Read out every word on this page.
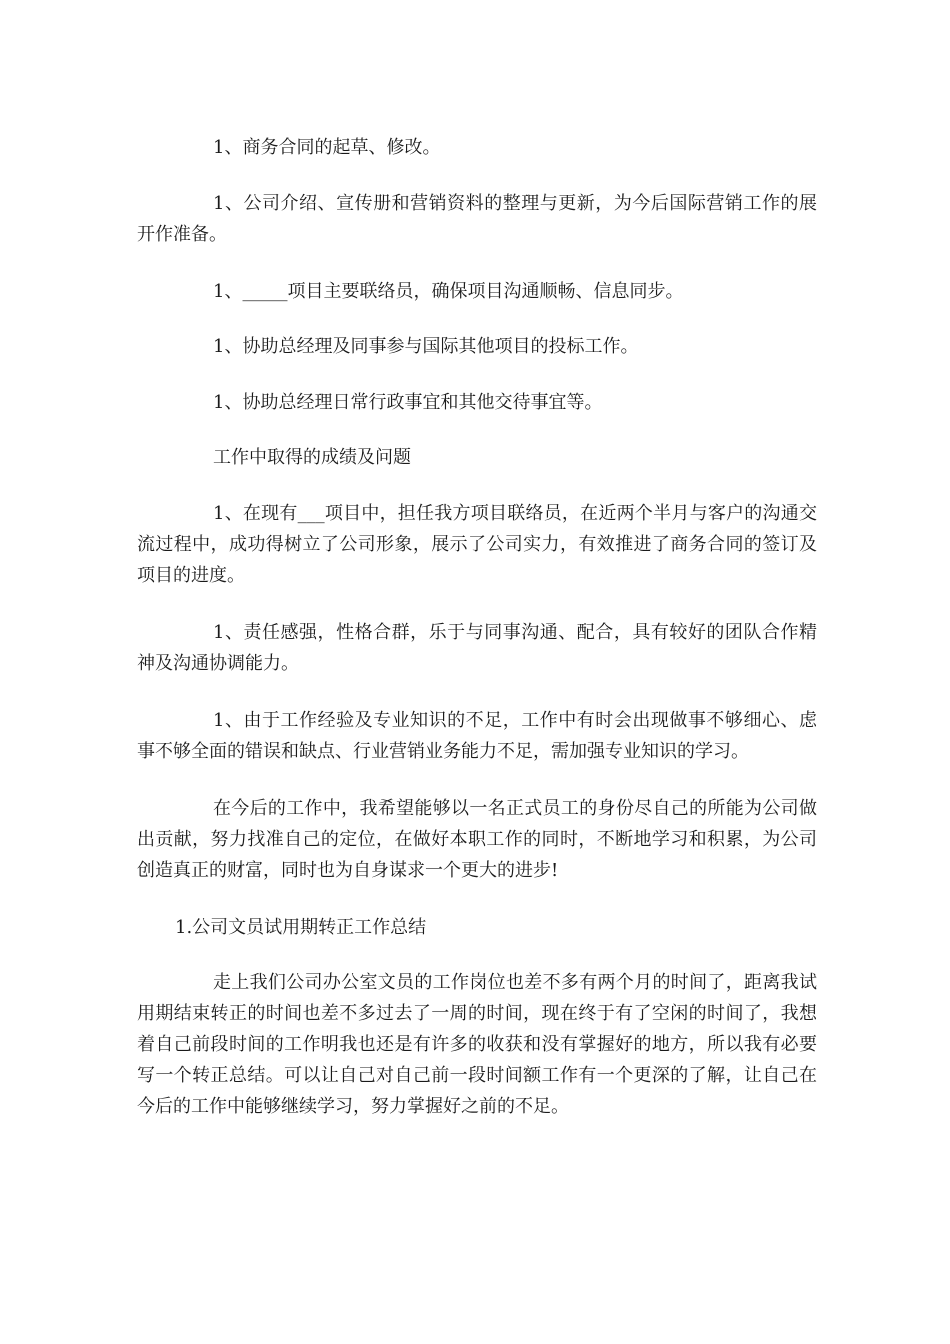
1、商务合同的起草、修改。

1、公司介绍、宣传册和营销资料的整理与更新，为今后国际营销工作的展开作准备。

1、_____项目主要联络员，确保项目沟通顺畅、信息同步。

1、协助总经理及同事参与国际其他项目的投标工作。

1、协助总经理日常行政事宜和其他交待事宜等。

工作中取得的成绩及问题

1、在现有___项目中，担任我方项目联络员，在近两个半月与客户的沟通交流过程中，成功得树立了公司形象，展示了公司实力，有效推进了商务合同的签订及项目的进度。

1、责任感强，性格合群，乐于与同事沟通、配合，具有较好的团队合作精神及沟通协调能力。

1、由于工作经验及专业知识的不足，工作中有时会出现做事不够细心、虑事不够全面的错误和缺点、行业营销业务能力不足，需加强专业知识的学习。

在今后的工作中，我希望能够以一名正式员工的身份尽自己的所能为公司做出贡献，努力找准自己的定位，在做好本职工作的同时，不断地学习和积累，为公司创造真正的财富，同时也为自身谋求一个更大的进步!

1.公司文员试用期转正工作总结

走上我们公司办公室文员的工作岗位也差不多有两个月的时间了，距离我试用期结束转正的时间也差不多过去了一周的时间，现在终于有了空闲的时间了，我想着自己前段时间的工作明我也还是有许多的收获和没有掌握好的地方，所以我有必要写一个转正总结。可以让自己对自己前一段时间额工作有一个更深的了解，让自己在今后的工作中能够继续学习，努力掌握好之前的不足。
